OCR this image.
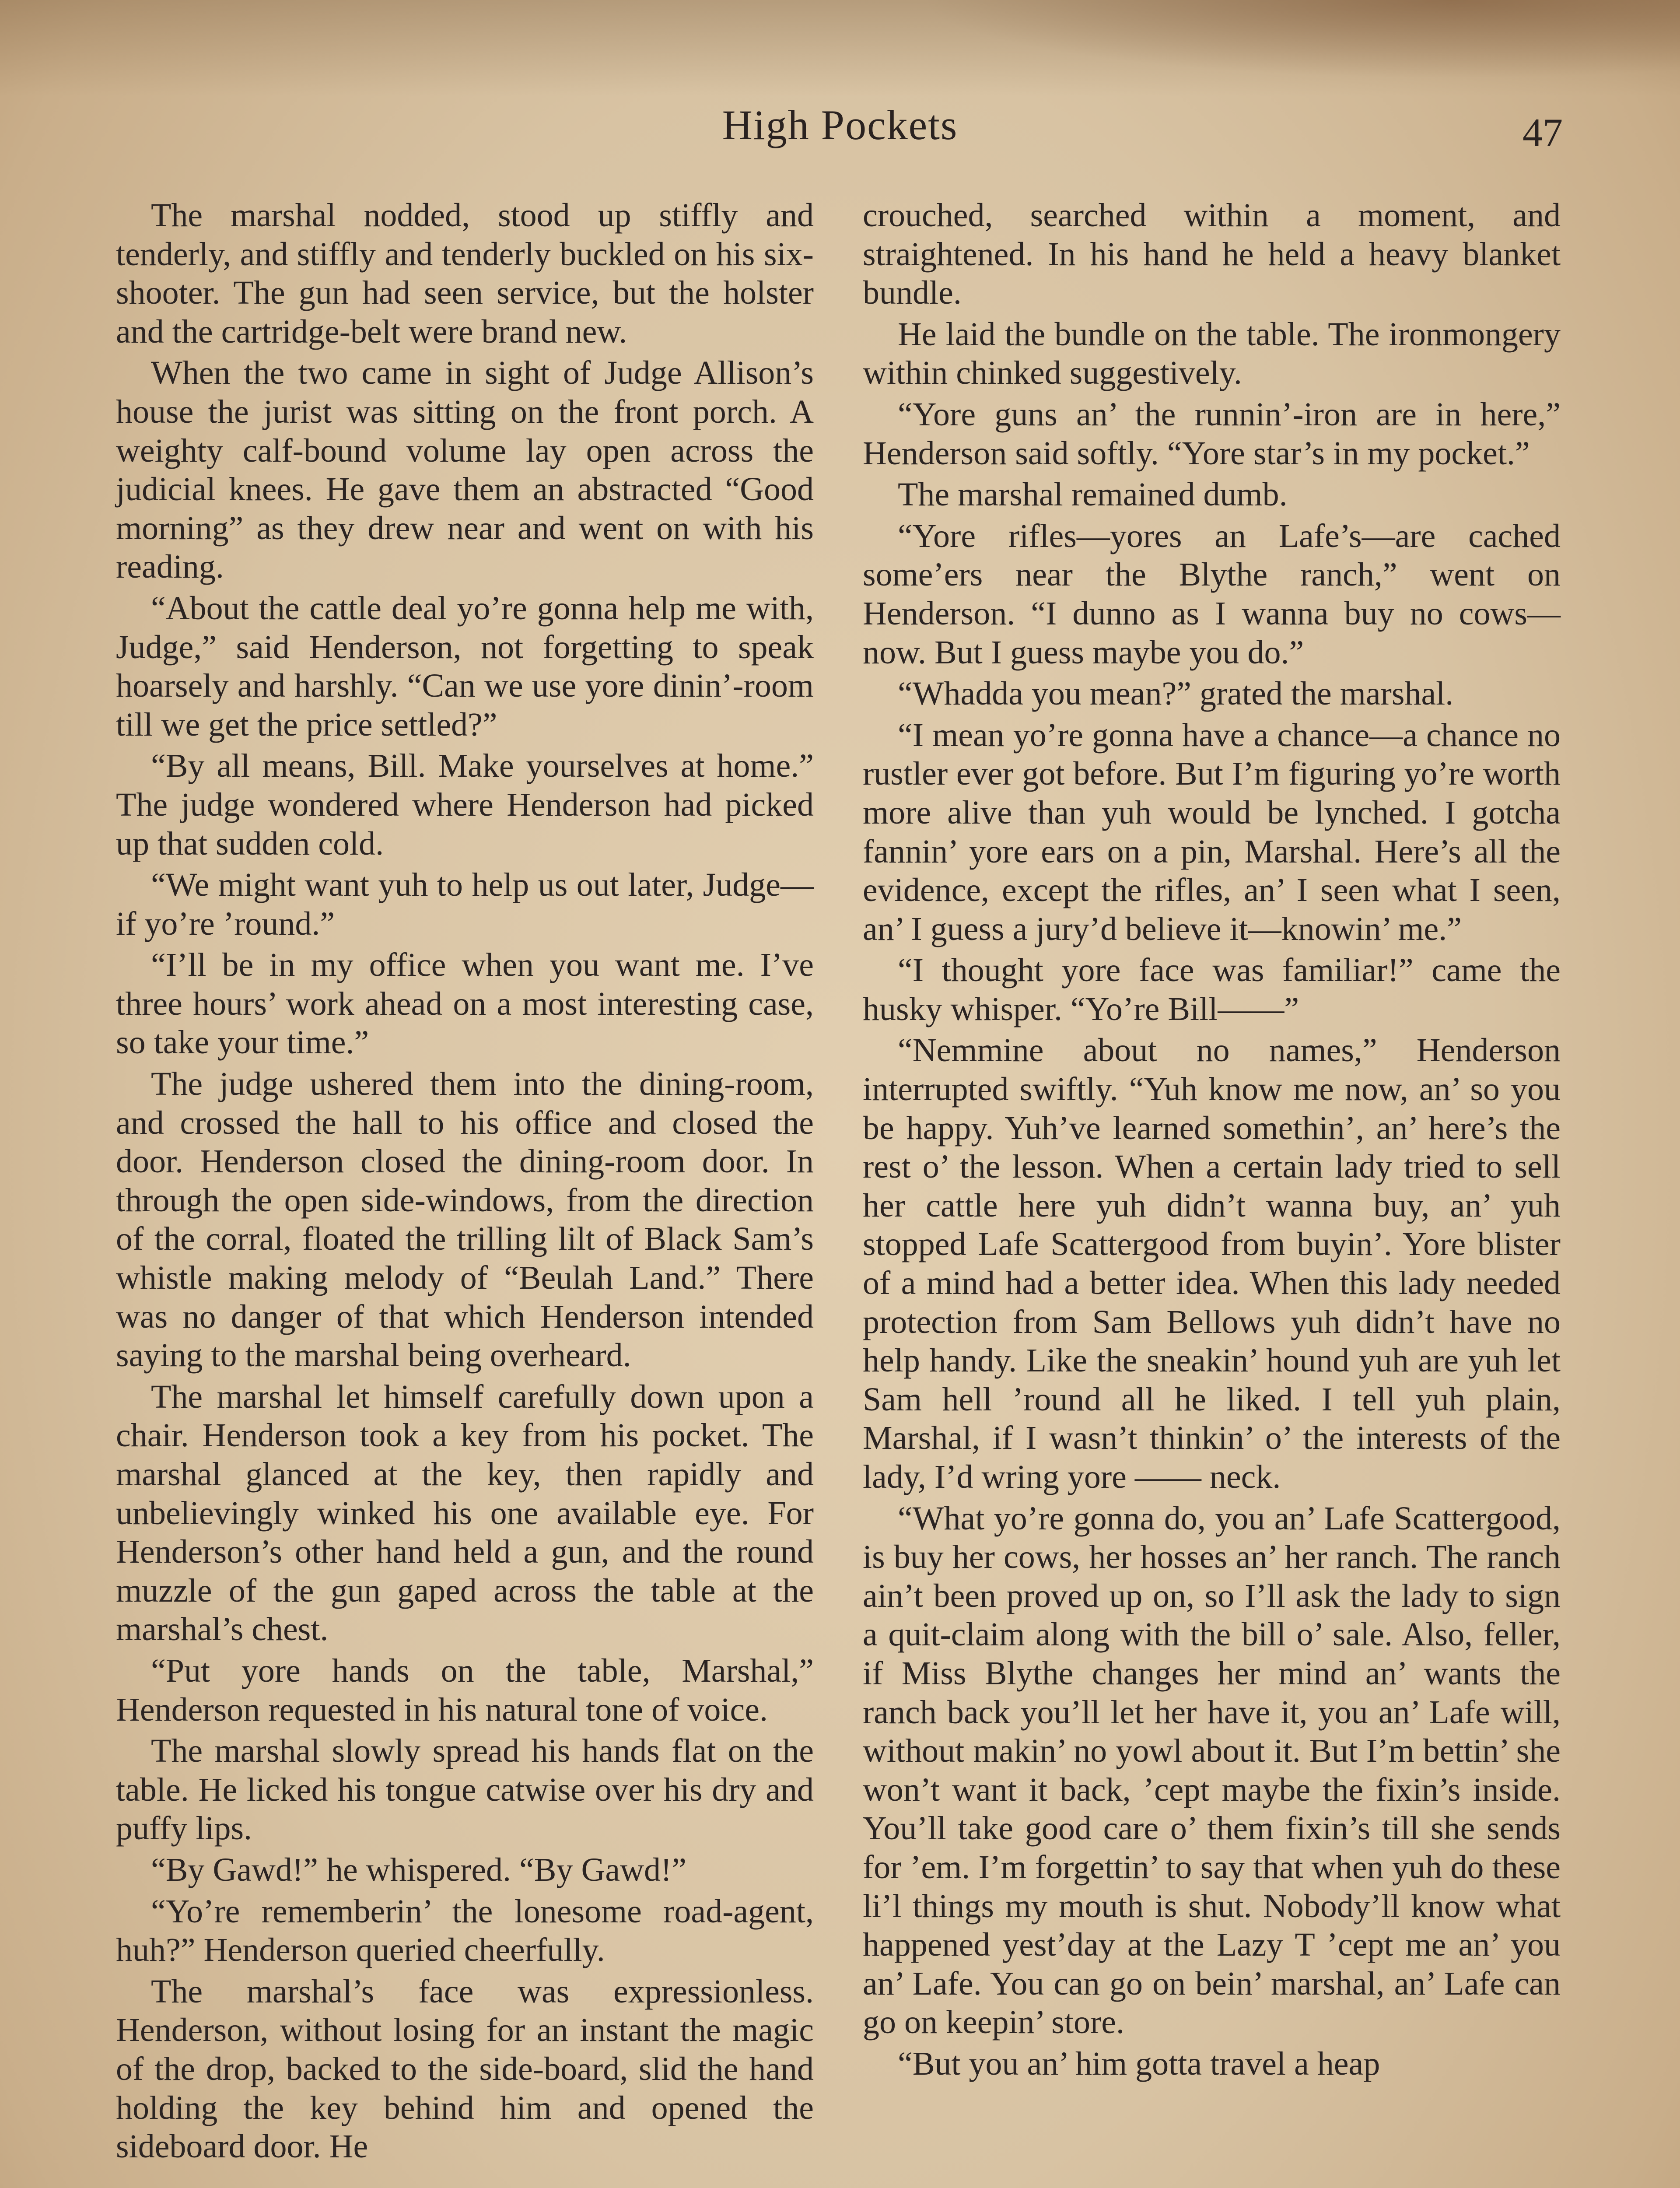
High Pockets	47

The marshal nodded, stood up stiffly and tenderly, and stiffly and tenderly buckled on his six-shooter. The gun had seen service, but the holster and the cartridge-belt were brand new.

When the two came in sight of Judge Allison’s house the jurist was sitting on the front porch. A weighty calf-bound volume lay open across the judicial knees. He gave them an abstracted “Good morning” as they drew near and went on with his reading.

“About the cattle deal yo’re gonna help me with, Judge,” said Henderson, not forgetting to speak hoarsely and harshly. “Can we use yore dinin’-room till we get the price settled?”

“By all means, Bill. Make yourselves at home.” The judge wondered where Henderson had picked up that sudden cold.

“We might want yuh to help us out later, Judge—if yo’re ’round.”

“I’ll be in my office when you want me. I’ve three hours’ work ahead on a most interesting case, so take your time.”

The judge ushered them into the dining-room, and crossed the hall to his office and closed the door. Henderson closed the dining-room door. In through the open side-windows, from the direction of the corral, floated the trilling lilt of Black Sam’s whistle making melody of “Beulah Land.” There was no danger of that which Henderson intended saying to the marshal being overheard.

The marshal let himself carefully down upon a chair. Henderson took a key from his pocket. The marshal glanced at the key, then rapidly and unbelievingly winked his one available eye. For Henderson’s other hand held a gun, and the round muzzle of the gun gaped across the table at the marshal’s chest.

“Put yore hands on the table, Marshal,” Henderson requested in his natural tone of voice.

The marshal slowly spread his hands flat on the table. He licked his tongue catwise over his dry and puffy lips.

“By Gawd!” he whispered. “By Gawd!”

“Yo’re rememberin’ the lonesome road-agent, huh?” Henderson queried cheerfully.

The marshal’s face was expressionless. Henderson, without losing for an instant the magic of the drop, backed to the side-board, slid the hand holding the key behind him and opened the sideboard door. He

crouched, searched within a moment, and straightened. In his hand he held a heavy blanket bundle.

He laid the bundle on the table. The ironmongery within chinked suggestively.

“Yore guns an’ the runnin’-iron are in here,” Henderson said softly. “Yore star’s in my pocket.”

The marshal remained dumb.

“Yore rifles—yores an Lafe’s—are cached some’ers near the Blythe ranch,” went on Henderson. “I dunno as I wanna buy no cows—now. But I guess maybe you do.”

“Whadda you mean?” grated the marshal.

“I mean yo’re gonna have a chance—a chance no rustler ever got before. But I’m figuring yo’re worth more alive than yuh would be lynched. I gotcha fannin’ yore ears on a pin, Marshal. Here’s all the evidence, except the rifles, an’ I seen what I seen, an’ I guess a jury’d believe it—knowin’ me.”

“I thought yore face was familiar!” came the husky whisper. “Yo’re Bill——”

“Nemmine about no names,” Henderson interrupted swiftly. “Yuh know me now, an’ so you be happy. Yuh’ve learned somethin’, an’ here’s the rest o’ the lesson. When a certain lady tried to sell her cattle here yuh didn’t wanna buy, an’ yuh stopped Lafe Scattergood from buyin’. Yore blister of a mind had a better idea. When this lady needed protection from Sam Bellows yuh didn’t have no help handy. Like the sneakin’ hound yuh are yuh let Sam hell ’round all he liked. I tell yuh plain, Marshal, if I wasn’t thinkin’ o’ the interests of the lady, I’d wring yore —— neck.

“What yo’re gonna do, you an’ Lafe Scattergood, is buy her cows, her hosses an’ her ranch. The ranch ain’t been proved up on, so I’ll ask the lady to sign a quit-claim along with the bill o’ sale. Also, feller, if Miss Blythe changes her mind an’ wants the ranch back you’ll let her have it, you an’ Lafe will, without makin’ no yowl about it. But I’m bettin’ she won’t want it back, ’cept maybe the fixin’s inside. You’ll take good care o’ them fixin’s till she sends for ’em. I’m forgettin’ to say that when yuh do these li’l things my mouth is shut. Nobody’ll know what happened yest’day at the Lazy T ’cept me an’ you an’ Lafe. You can go on bein’ marshal, an’ Lafe can go on keepin’ store.

“But you an’ him gotta travel a heap
